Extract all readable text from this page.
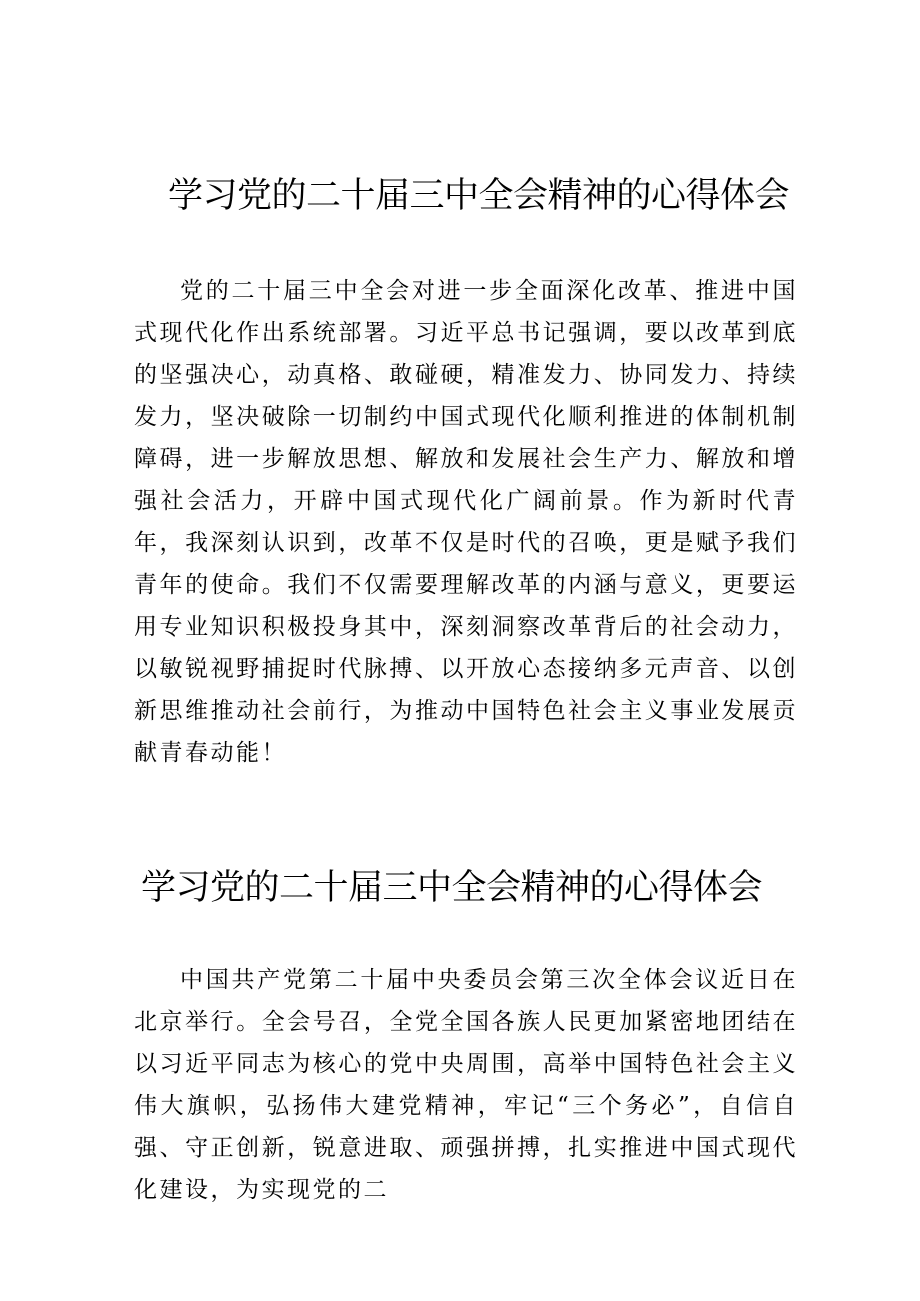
学习党的二十届三中全会精神的心得体会

党的二十届三中全会对进一步全面深化改革、推进中国式现代化作出系统部署。习近平总书记强调，要以改革到底的坚强决心，动真格、敢碰硬，精准发力、协同发力、持续发力，坚决破除一切制约中国式现代化顺利推进的体制机制障碍，进一步解放思想、解放和发展社会生产力、解放和增强社会活力，开辟中国式现代化广阔前景。作为新时代青年，我深刻认识到，改革不仅是时代的召唤，更是赋予我们青年的使命。我们不仅需要理解改革的内涵与意义，更要运用专业知识积极投身其中，深刻洞察改革背后的社会动力，以敏锐视野捕捉时代脉搏、以开放心态接纳多元声音、以创新思维推动社会前行，为推动中国特色社会主义事业发展贡献青春动能！

学习党的二十届三中全会精神的心得体会

中国共产党第二十届中央委员会第三次全体会议近日在北京举行。全会号召，全党全国各族人民更加紧密地团结在以习近平同志为核心的党中央周围，高举中国特色社会主义伟大旗帜，弘扬伟大建党精神，牢记“三个务必”，自信自强、守正创新，锐意进取、顽强拼搏，扎实推进中国式现代化建设，为实现党的二
